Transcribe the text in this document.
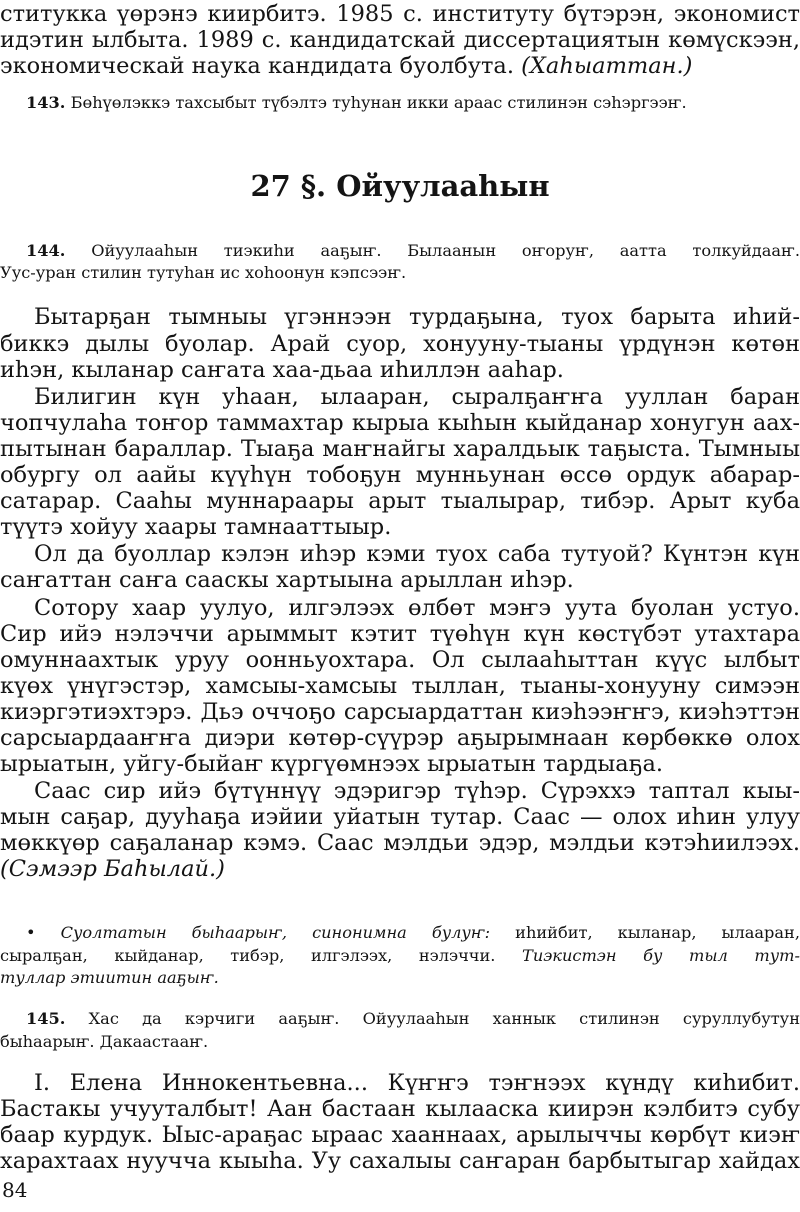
ститукка үөрэнэ киирбитэ. 1985 с. институту бүтэрэн, экономист
идэтин ылбыта. 1989 с. кандидатскай диссертациятын көмүскээн,
экономическай наука кандидата буолбута. (Хаһыаттан.)
143. Бөһүөлэккэ тахсыбыт түбэлтэ туһунан икки араас стилинэн сэһэргээҥ.
27 §. Ойуулааһын
144. Ойуулааһын тиэкиһи ааҕыҥ. Былаанын оҥоруҥ, аатта толкуйдааҥ.
Уус-уран стилин тутуһан ис хоһоонун кэпсээҥ.
Бытарҕан тымныы үгэннээн турдаҕына, туох барыта иһий-
биккэ дылы буолар. Арай суор, хонууну-тыаны үрдүнэн көтөн
иһэн, кыланар саҥата хаа-дьаа иһиллэн ааһар.
Билигин күн уһаан, ылааран, сыралҕаҥҥа ууллан баран
чопчулаһа тоҥор таммахтар кырыа кыһын кыйданар хонугун аах-
пытынан бараллар. Тыаҕа маҥнайгы харалдьык таҕыста. Тымныы
обургу ол аайы күүһүн тобоҕун мунньунан өссө ордук абарар-
сатарар. Сааһы муннарaары арыт тыалырар, тибэр. Арыт куба
түүтэ хойуу хаары тамнааттыыр.
Ол да буоллар кэлэн иһэр кэми туох саба тутуой? Күнтэн күн
саҥаттан саҥа сааскы хартыына арыллан иһэр.
Сотору хаар уулуо, илгэлээх өлбөт мэҥэ уута буолан устуо.
Сир ийэ нэлэччи арыммыт кэтит түөһүн күн көстүбэт утахтара
омуннаахтык уруу оонньуохтара. Ол сылааһыттан күүс ылбыт
күөх үнүгэстэр, хамсыы-хамсыы тыллан, тыаны-хонууну симээн
киэргэтиэхтэрэ. Дьэ оччоҕо сарсыардаттан киэһээҥҥэ, киэһэттэн
сарсыардааҥҥа диэри көтөр-сүүрэр аҕырымнаан көрбөккө олох
ырыатын, уйгу-быйаҥ күргүөмнээх ырыатын тардыаҕа.
Саас сир ийэ бүтүннүү эдэригэр түһэр. Сүрэххэ таптал кыы-
мын саҕар, дууһаҕа иэйии уйатын тутар. Саас — олох иһин улуу
мөккүөр саҕаланар кэмэ. Саас мэлдьи эдэр, мэлдьи кэтэһиилээх.
(Сэмээр Баһылай.)
• Суолтатын быһаарыҥ, синонимна булуҥ: иһийбит, кыланар, ылааран,
сыралҕан, кыйданар, тибэр, илгэлээх, нэлэччи. Тиэкистэн бу тыл тут-
туллар этиитин ааҕыҥ.
145. Хас да кэрчиги ааҕыҥ. Ойуулааһын ханнык стилинэн суруллубутун
быһаарыҥ. Дакаастааҥ.
I. Елена Иннокентьевна... Күҥҥэ тэҥнээх күндү киһибит.
Бастакы учууталбыт! Аан бастаан кылааска киирэн кэлбитэ субу
баар курдук. Ыыс-араҕас ыраас хааннаах, арылыччы көрбүт киэҥ
харахтаах нуучча кыыһа. Уу сахалыы саҥаран барбытыгар хайдах
84
